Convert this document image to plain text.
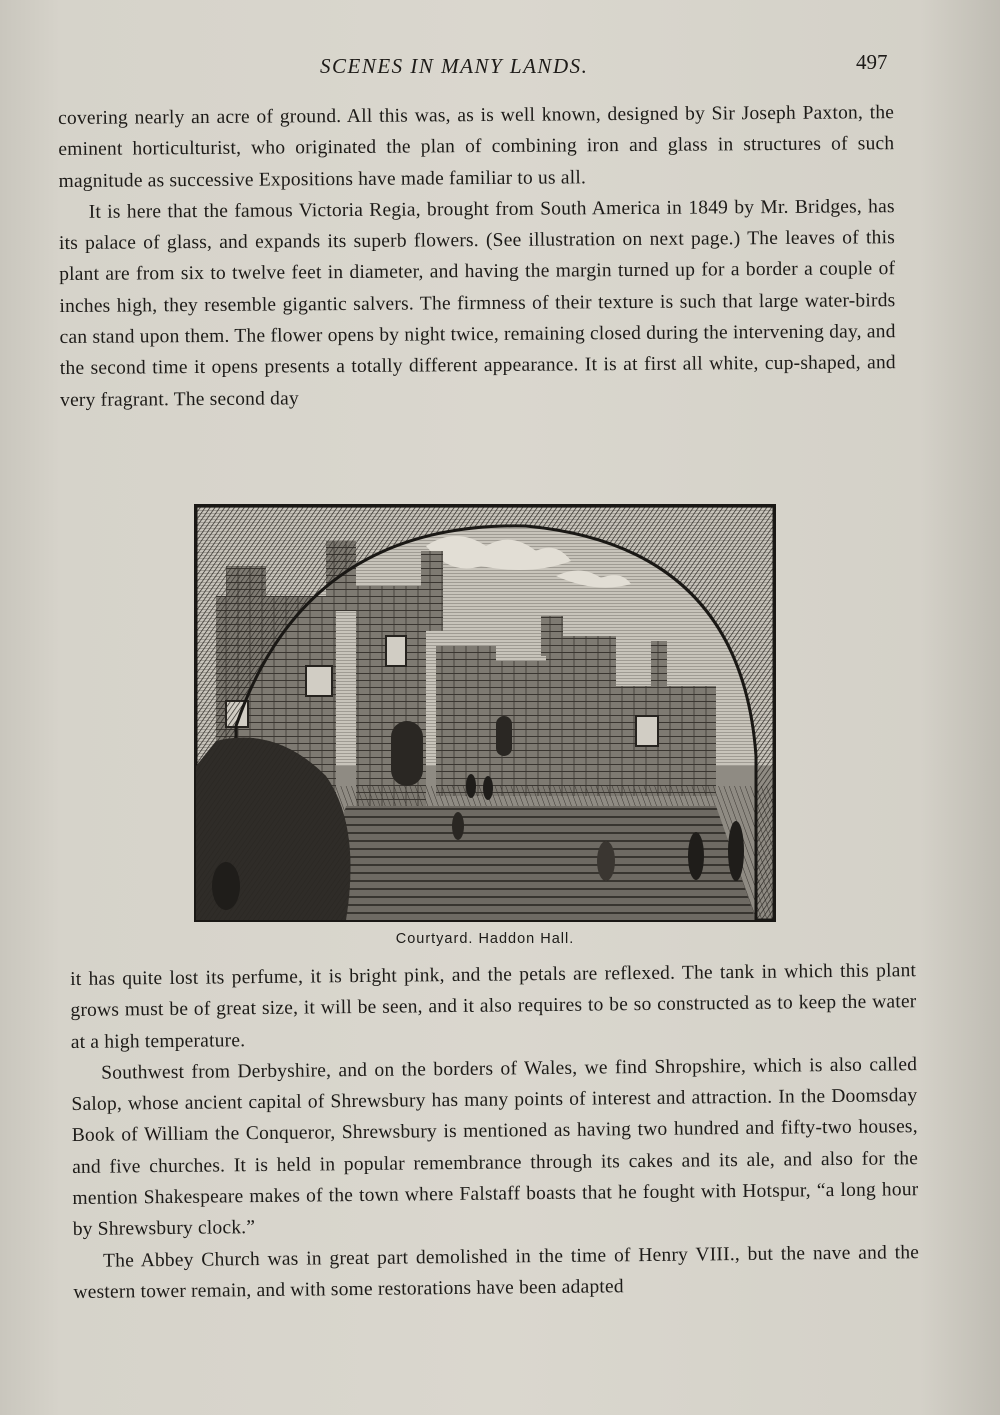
SCENES IN MANY LANDS.	497

covering nearly an acre of ground. All this was, as is well known, designed by Sir Joseph Paxton, the eminent horticulturist, who originated the plan of combining iron and glass in structures of such magnitude as successive Expositions have made familiar to us all.

It is here that the famous Victoria Regia, brought from South America in 1849 by Mr. Bridges, has its palace of glass, and expands its superb flowers. (See illustration on next page.) The leaves of this plant are from six to twelve feet in diameter, and having the margin turned up for a border a couple of inches high, they resemble gigantic salvers. The firmness of their texture is such that large water-birds can stand upon them. The flower opens by night twice, remaining closed during the intervening day, and the second time it opens presents a totally different appearance. It is at first all white, cup-shaped, and very fragrant. The second day

Courtyard. Haddon Hall.

it has quite lost its perfume, it is bright pink, and the petals are reflexed. The tank in which this plant grows must be of great size, it will be seen, and it also requires to be so constructed as to keep the water at a high temperature.

Southwest from Derbyshire, and on the borders of Wales, we find Shropshire, which is also called Salop, whose ancient capital of Shrewsbury has many points of interest and attraction. In the Doomsday Book of William the Conqueror, Shrewsbury is mentioned as having two hundred and fifty-two houses, and five churches. It is held in popular remembrance through its cakes and its ale, and also for the mention Shakespeare makes of the town where Falstaff boasts that he fought with Hotspur, “a long hour by Shrewsbury clock.”

The Abbey Church was in great part demolished in the time of Henry VIII., but the nave and the western tower remain, and with some restorations have been adapted
